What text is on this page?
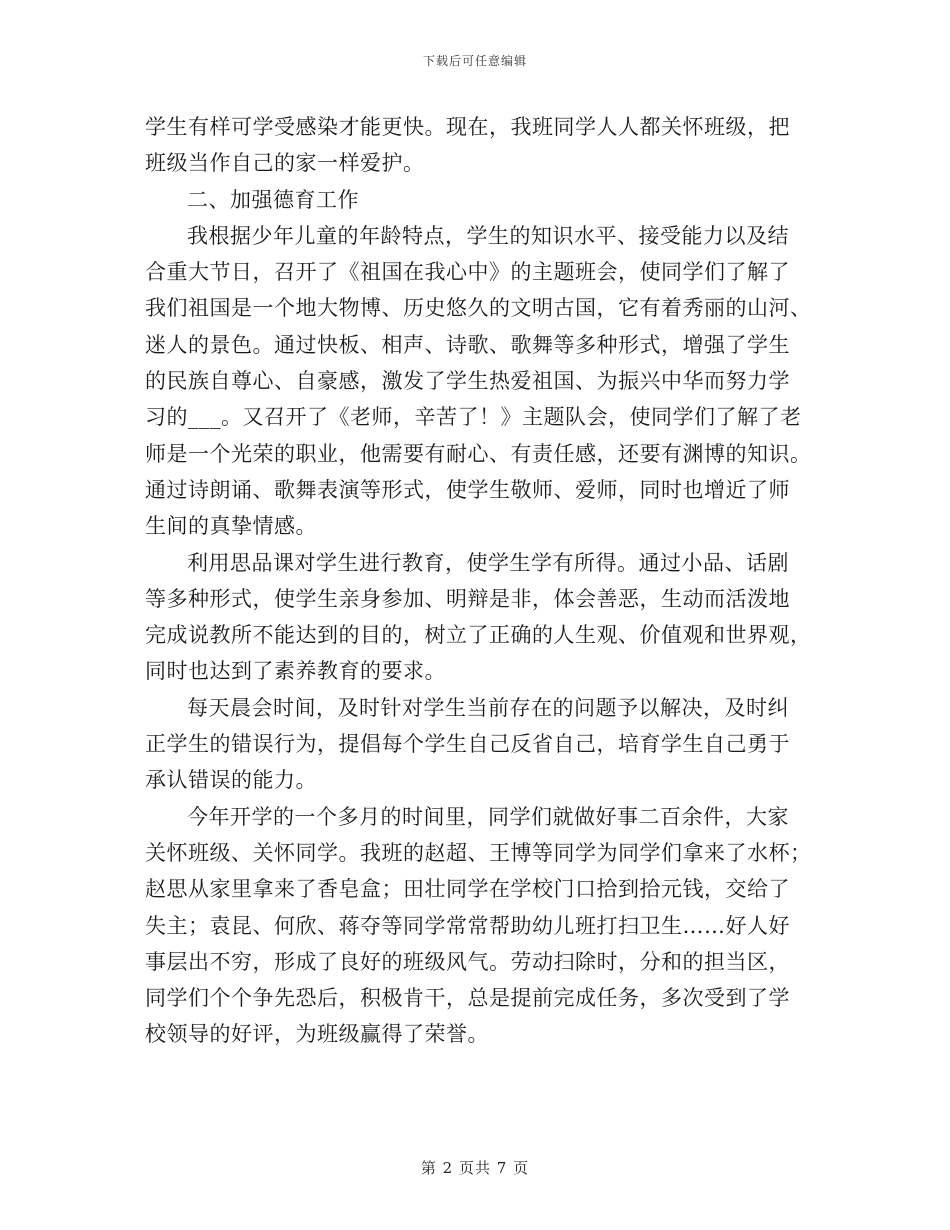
下载后可任意编辑
学生有样可学受感染才能更快。现在，我班同学人人都关怀班级，把
班级当作自己的家一样爱护。
二、加强德育工作
我根据少年儿童的年龄特点，学生的知识水平、接受能力以及结
合重大节日，召开了《祖国在我心中》的主题班会，使同学们了解了
我们祖国是一个地大物博、历史悠久的文明古国，它有着秀丽的山河、
迷人的景色。通过快板、相声、诗歌、歌舞等多种形式，增强了学生
的民族自尊心、自豪感，激发了学生热爱祖国、为振兴中华而努力学
习的___。又召开了《老师，辛苦了！》主题队会，使同学们了解了老
师是一个光荣的职业，他需要有耐心、有责任感，还要有渊博的知识。
通过诗朗诵、歌舞表演等形式，使学生敬师、爱师，同时也增近了师
生间的真挚情感。
利用思品课对学生进行教育，使学生学有所得。通过小品、话剧
等多种形式，使学生亲身参加、明辩是非，体会善恶，生动而活泼地
完成说教所不能达到的目的，树立了正确的人生观、价值观和世界观，
同时也达到了素养教育的要求。
每天晨会时间，及时针对学生当前存在的问题予以解决，及时纠
正学生的错误行为，提倡每个学生自己反省自己，培育学生自己勇于
承认错误的能力。
今年开学的一个多月的时间里，同学们就做好事二百余件，大家
关怀班级、关怀同学。我班的赵超、王博等同学为同学们拿来了水杯；
赵思从家里拿来了香皂盒；田壮同学在学校门口拾到拾元钱，交给了
失主；袁昆、何欣、蒋夺等同学常常帮助幼儿班打扫卫生……好人好
事层出不穷，形成了良好的班级风气。劳动扫除时，分和的担当区，
同学们个个争先恐后，积极肯干，总是提前完成任务，多次受到了学
校领导的好评，为班级赢得了荣誉。
第 2 页共 7 页
